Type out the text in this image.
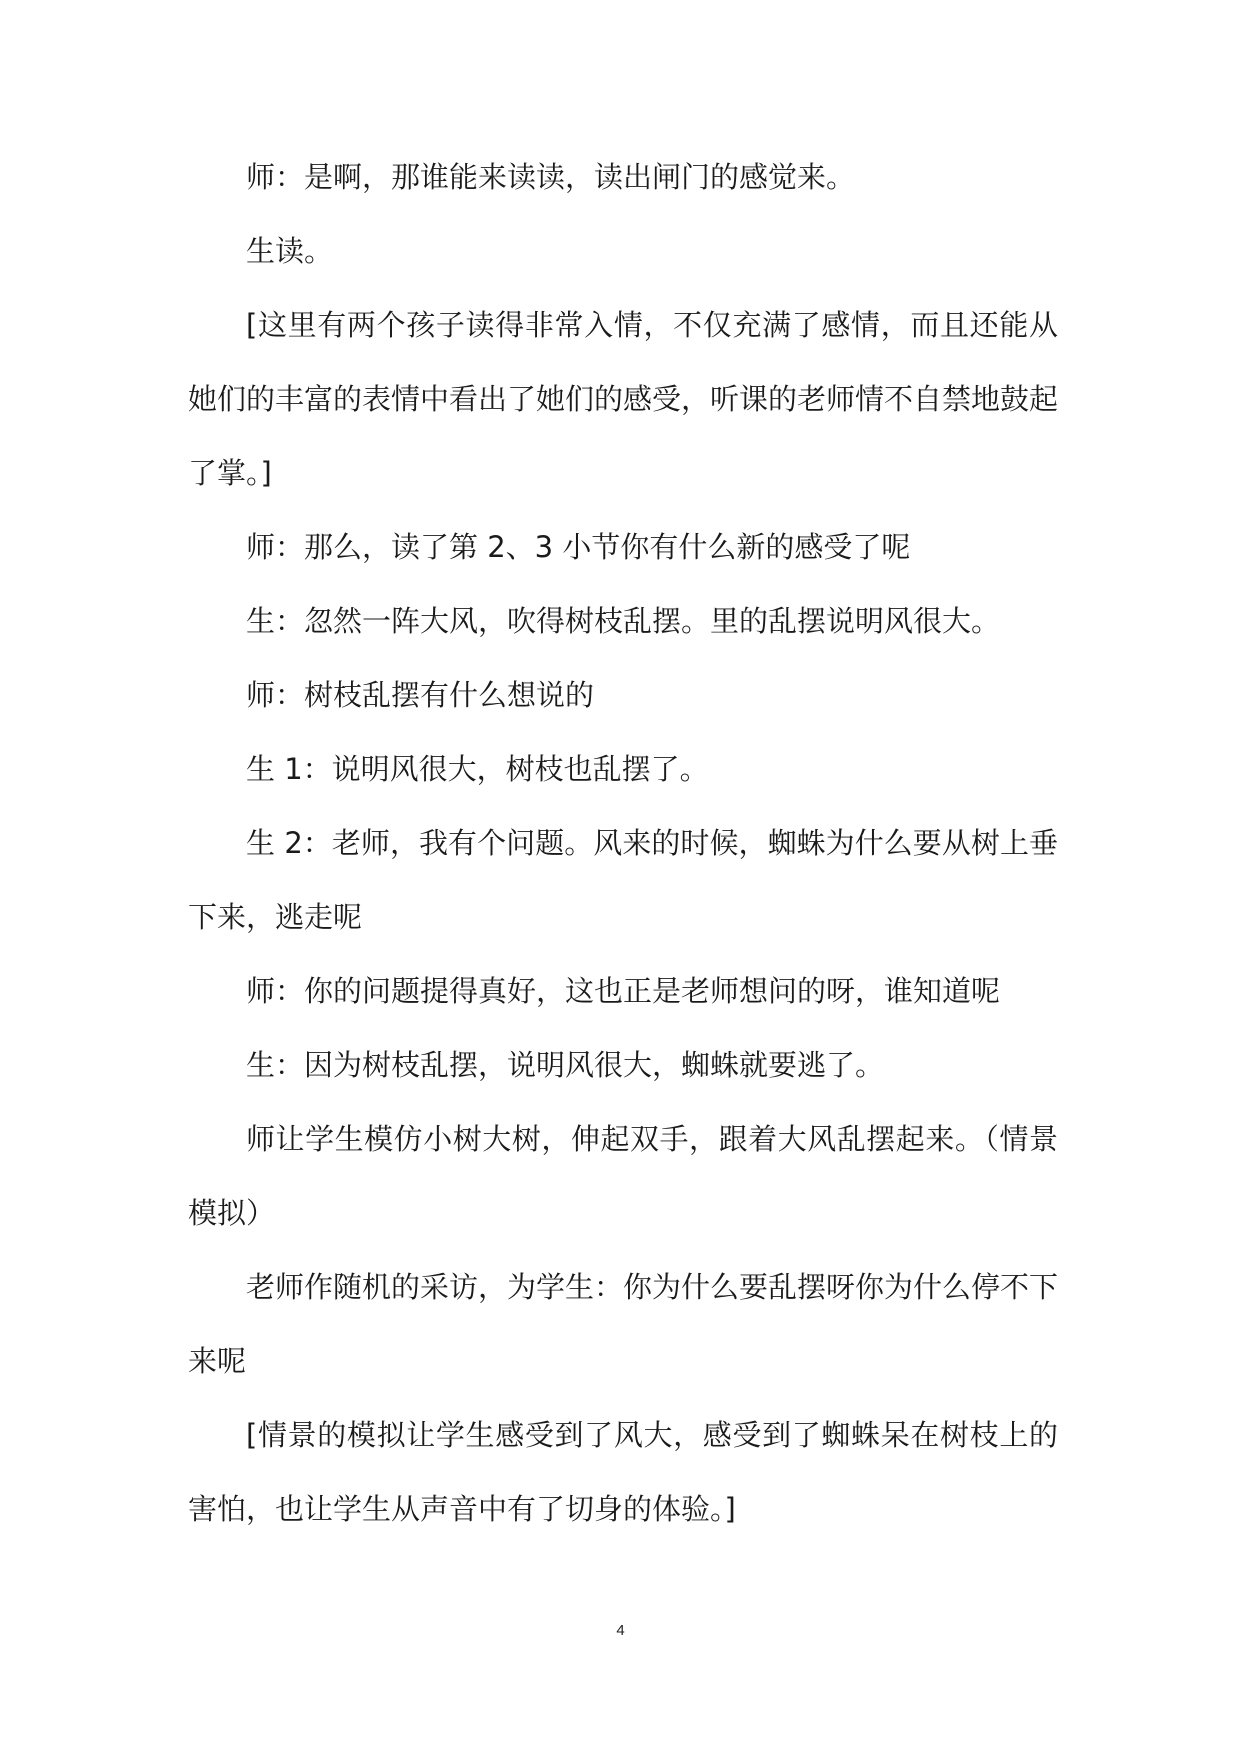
师：是啊，那谁能来读读，读出闸门的感觉来。

生读。

[这里有两个孩子读得非常入情，不仅充满了感情，而且还能从她们的丰富的表情中看出了她们的感受，听课的老师情不自禁地鼓起了掌。]

师：那么，读了第 2、3 小节你有什么新的感受了呢

生：忽然一阵大风，吹得树枝乱摆。里的乱摆说明风很大。

师：树枝乱摆有什么想说的

生 1：说明风很大，树枝也乱摆了。

生 2：老师，我有个问题。风来的时候，蜘蛛为什么要从树上垂下来，逃走呢

师：你的问题提得真好，这也正是老师想问的呀，谁知道呢

生：因为树枝乱摆，说明风很大，蜘蛛就要逃了。

师让学生模仿小树大树，伸起双手，跟着大风乱摆起来。（情景模拟）

老师作随机的采访，为学生：你为什么要乱摆呀你为什么停不下来呢

[情景的模拟让学生感受到了风大，感受到了蜘蛛呆在树枝上的害怕，也让学生从声音中有了切身的体验。]

4
